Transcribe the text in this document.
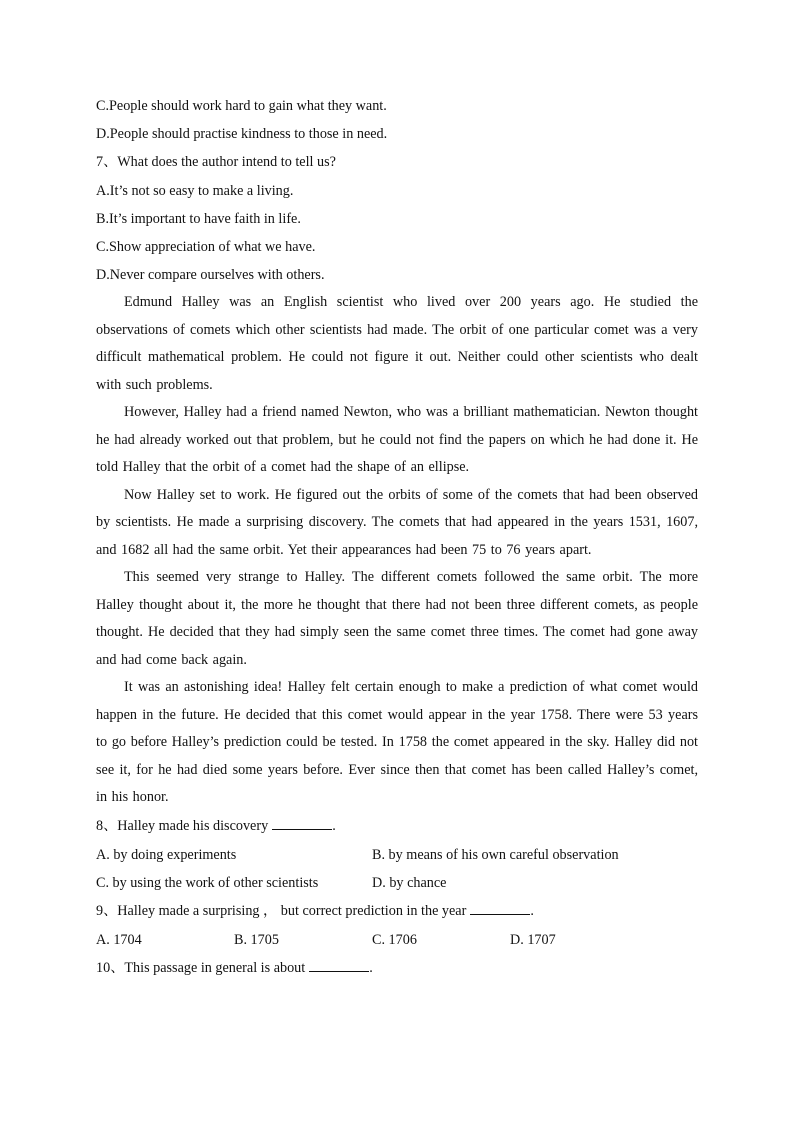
C.People should work hard to gain what they want.
D.People should practise kindness to those in need.
7、What does the author intend to tell us?
A.It’s not so easy to make a living.
B.It’s important to have faith in life.
C.Show appreciation of what we have.
D.Never compare ourselves with others.

Edmund Halley was an English scientist who lived over 200 years ago. He studied the observations of comets which other scientists had made. The orbit of one particular comet was a very difficult mathematical problem. He could not figure it out. Neither could other scientists who dealt with such problems.

However, Halley had a friend named Newton, who was a brilliant mathematician. Newton thought he had already worked out that problem, but he could not find the papers on which he had done it. He told Halley that the orbit of a comet had the shape of an ellipse.

Now Halley set to work. He figured out the orbits of some of the comets that had been observed by scientists. He made a surprising discovery. The comets that had appeared in the years 1531, 1607, and 1682 all had the same orbit. Yet their appearances had been 75 to 76 years apart.

This seemed very strange to Halley. The different comets followed the same orbit. The more Halley thought about it, the more he thought that there had not been three different comets, as people thought. He decided that they had simply seen the same comet three times. The comet had gone away and had come back again.

It was an astonishing idea! Halley felt certain enough to make a prediction of what comet would happen in the future. He decided that this comet would appear in the year 1758. There were 53 years to go before Halley’s prediction could be tested. In 1758 the comet appeared in the sky. Halley did not see it, for he had died some years before. Ever since then that comet has been called Halley’s comet, in his honor.

8、Halley made his discovery	.
A. by doing experiments	B. by means of his own careful observation
C. by using the work of other scientists	D. by chance
9、Halley made a surprising ， but correct prediction in the year	.
A. 1704	B. 1705	C. 1706	D. 1707
10、This passage in general is about	.
